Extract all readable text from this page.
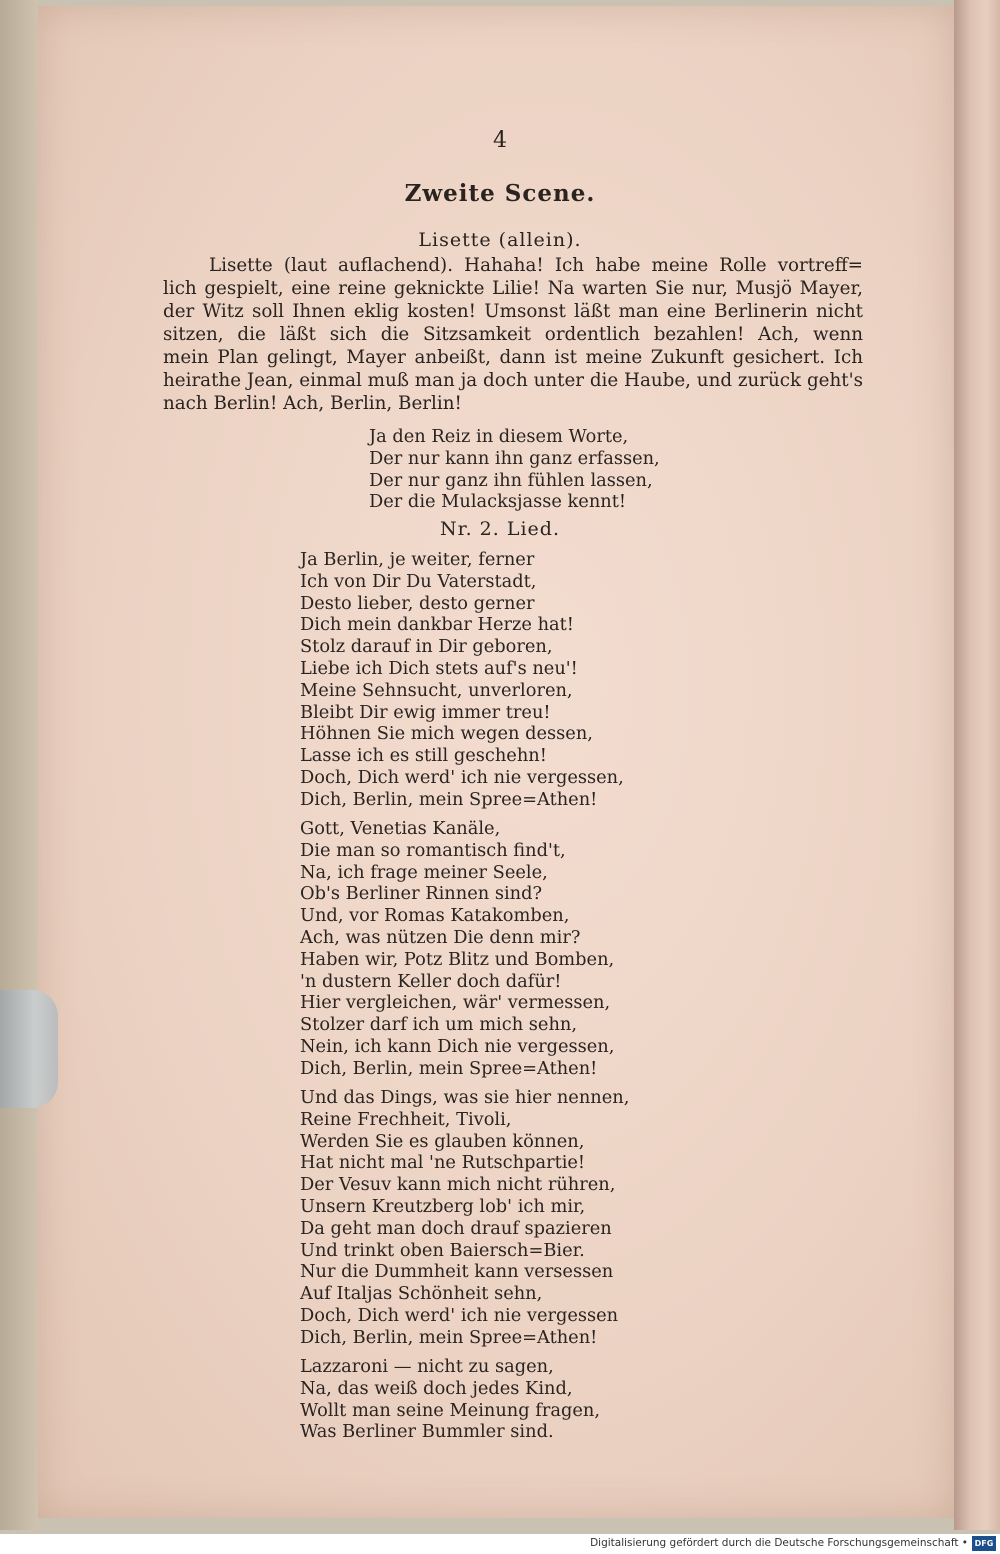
4
Zweite Scene.
Lisette (allein).
Lisette (laut auflachend). Hahaha! Ich habe meine Rolle vortreff=
lich gespielt, eine reine geknickte Lilie! Na warten Sie nur, Musjö Mayer,
der Witz soll Ihnen eklig kosten! Umsonst läßt man eine Berlinerin nicht
sitzen, die läßt sich die Sitzsamkeit ordentlich bezahlen! Ach, wenn
mein Plan gelingt, Mayer anbeißt, dann ist meine Zukunft gesichert. Ich
heirathe Jean, einmal muß man ja doch unter die Haube, und zurück geht's
nach Berlin! Ach, Berlin, Berlin!
Ja den Reiz in diesem Worte,
Der nur kann ihn ganz erfassen,
Der nur ganz ihn fühlen lassen,
Der die Mulacksjasse kennt!
Nr. 2. Lied.
Ja Berlin, je weiter, ferner
Ich von Dir Du Vaterstadt,
Desto lieber, desto gerner
Dich mein dankbar Herze hat!
Stolz darauf in Dir geboren,
Liebe ich Dich stets auf's neu'!
Meine Sehnsucht, unverloren,
Bleibt Dir ewig immer treu!
Höhnen Sie mich wegen dessen,
Lasse ich es still geschehn!
Doch, Dich werd' ich nie vergessen,
Dich, Berlin, mein Spree=Athen!
Gott, Venetias Kanäle,
Die man so romantisch find't,
Na, ich frage meiner Seele,
Ob's Berliner Rinnen sind?
Und, vor Romas Katakomben,
Ach, was nützen Die denn mir?
Haben wir, Potz Blitz und Bomben,
'n dustern Keller doch dafür!
Hier vergleichen, wär' vermessen,
Stolzer darf ich um mich sehn,
Nein, ich kann Dich nie vergessen,
Dich, Berlin, mein Spree=Athen!
Und das Dings, was sie hier nennen,
Reine Frechheit, Tivoli,
Werden Sie es glauben können,
Hat nicht mal 'ne Rutschpartie!
Der Vesuv kann mich nicht rühren,
Unsern Kreutzberg lob' ich mir,
Da geht man doch drauf spazieren
Und trinkt oben Baiersch=Bier.
Nur die Dummheit kann versessen
Auf Italjas Schönheit sehn,
Doch, Dich werd' ich nie vergessen
Dich, Berlin, mein Spree=Athen!
Lazzaroni — nicht zu sagen,
Na, das weiß doch jedes Kind,
Wollt man seine Meinung fragen,
Was Berliner Bummler sind.
Digitalisierung gefördert durch die Deutsche Forschungsgemeinschaft • DFG
